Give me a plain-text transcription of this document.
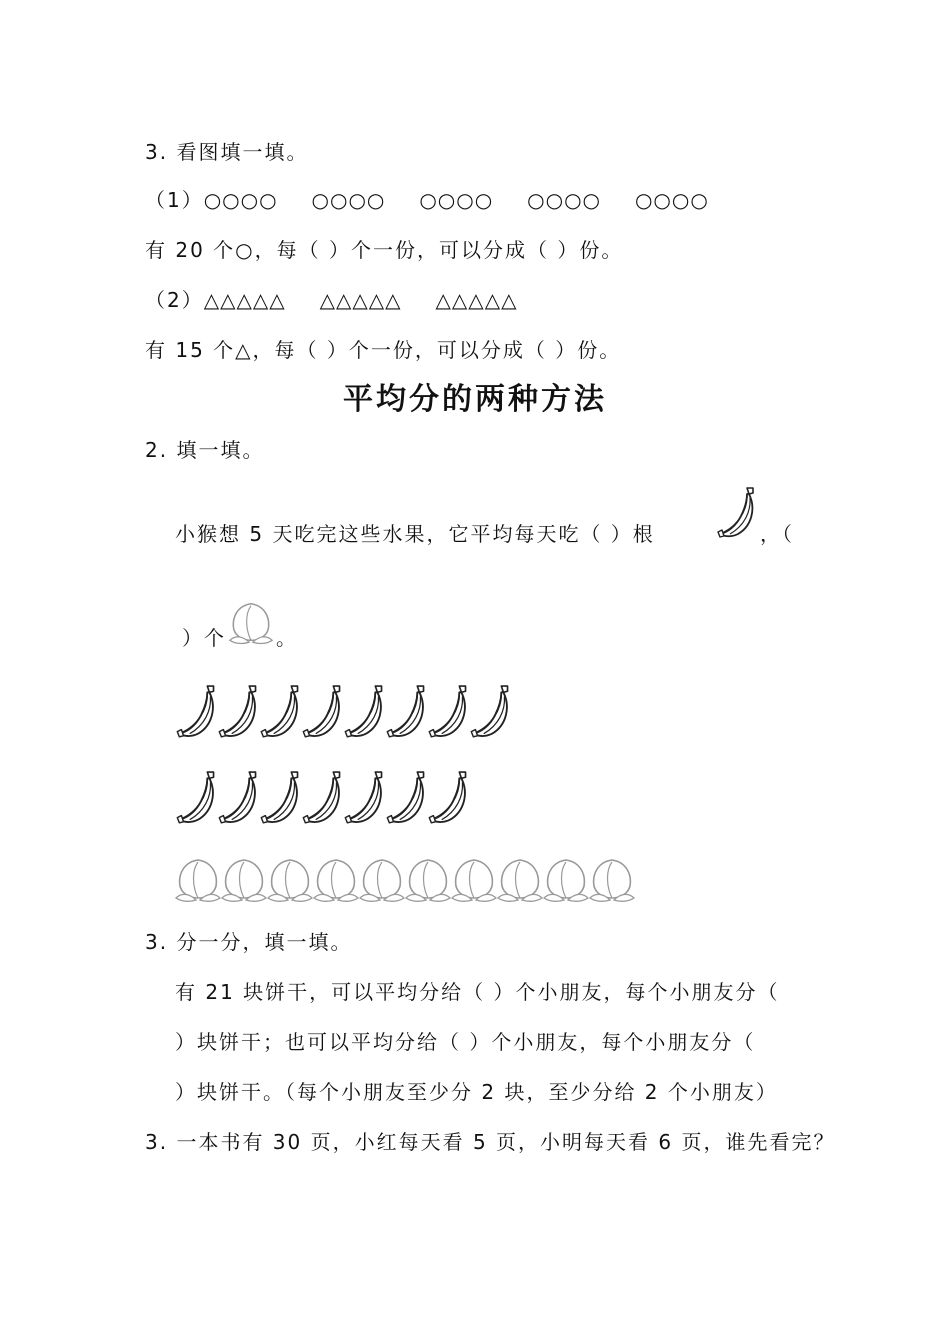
3. 看图填一填。
（1）○○○○ ○○○○ ○○○○ ○○○○ ○○○○
有 20 个○，每（ ）个一份，可以分成（ ）份。
（2）△△△△△ △△△△△ △△△△△
有 15 个△，每（ ）个一份，可以分成（ ）份。
平均分的两种方法
2. 填一填。
小猴想 5 天吃完这些水果，它平均每天吃（ ）根	，（
）个	。
3. 分一分，填一填。
有 21 块饼干，可以平均分给（ ）个小朋友，每个小朋友分（
）块饼干；也可以平均分给（ ）个小朋友，每个小朋友分（
）块饼干。（每个小朋友至少分 2 块，至少分给 2 个小朋友）
3. 一本书有 30 页，小红每天看 5 页，小明每天看 6 页，谁先看完？
